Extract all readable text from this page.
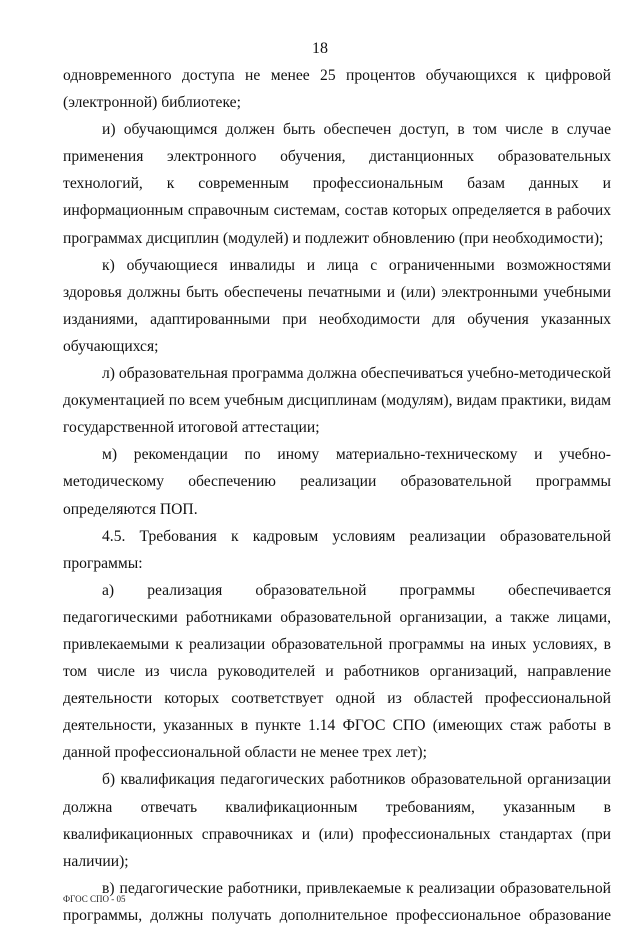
18

одновременного доступа не менее 25 процентов обучающихся к цифровой (электронной) библиотеке;

и) обучающимся должен быть обеспечен доступ, в том числе в случае применения электронного обучения, дистанционных образовательных технологий, к современным профессиональным базам данных и информационным справочным системам, состав которых определяется в рабочих программах дисциплин (модулей) и подлежит обновлению (при необходимости);

к) обучающиеся инвалиды и лица с ограниченными возможностями здоровья должны быть обеспечены печатными и (или) электронными учебными изданиями, адаптированными при необходимости для обучения указанных обучающихся;

л) образовательная программа должна обеспечиваться учебно-методической документацией по всем учебным дисциплинам (модулям), видам практики, видам государственной итоговой аттестации;

м) рекомендации по иному материально-техническому и учебно-методическому обеспечению реализации образовательной программы определяются ПОП.

4.5. Требования к кадровым условиям реализации образовательной программы:

а) реализация образовательной программы обеспечивается педагогическими работниками образовательной организации, а также лицами, привлекаемыми к реализации образовательной программы на иных условиях, в том числе из числа руководителей и работников организаций, направление деятельности которых соответствует одной из областей профессиональной деятельности, указанных в пункте 1.14 ФГОС СПО (имеющих стаж работы в данной профессиональной области не менее трех лет);

б) квалификация педагогических работников образовательной организации должна отвечать квалификационным требованиям, указанным в квалификационных справочниках и (или) профессиональных стандартах (при наличии);

в) педагогические работники, привлекаемые к реализации образовательной программы, должны получать дополнительное профессиональное образование

ФГОС СПО - 05
